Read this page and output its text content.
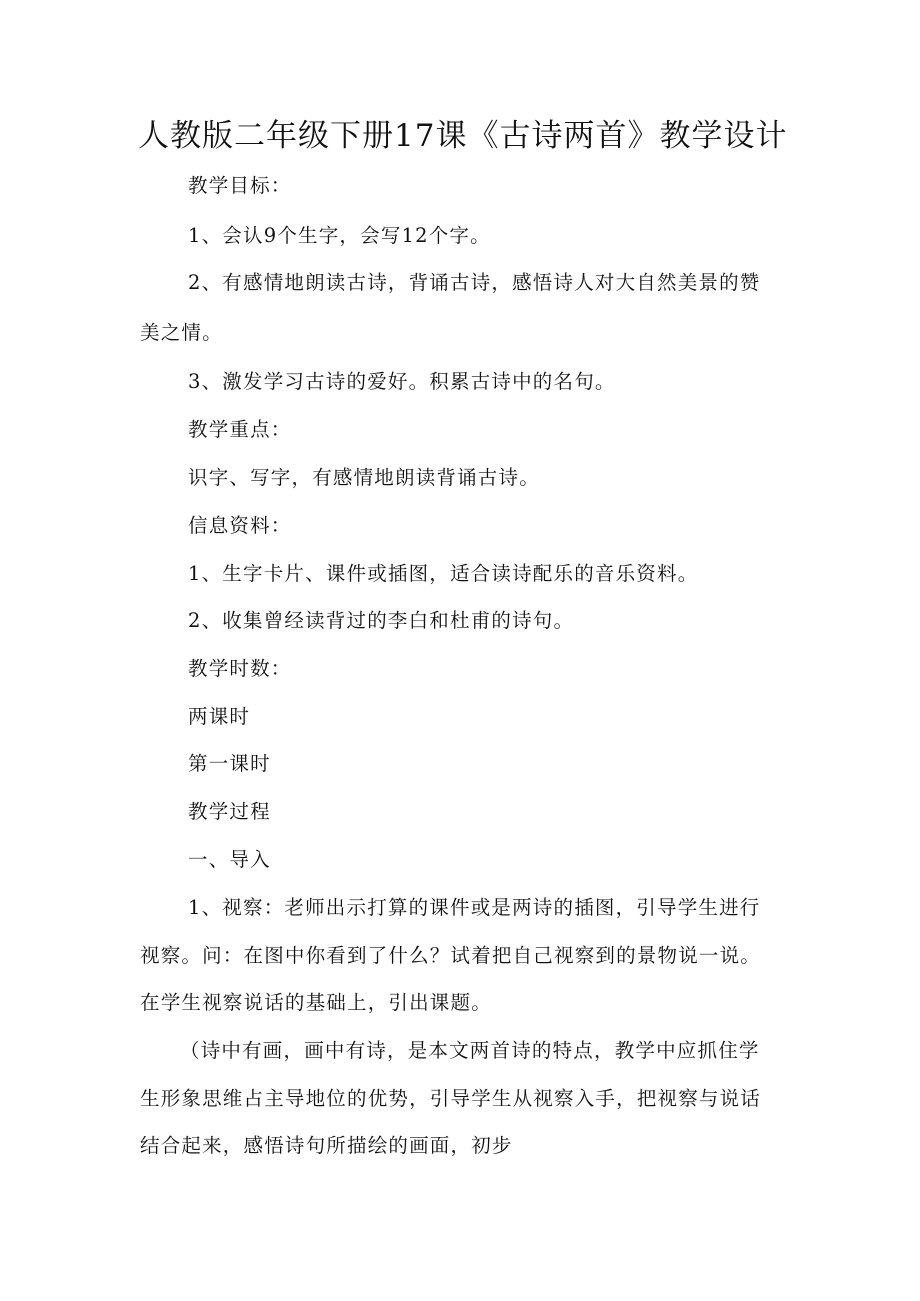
人教版二年级下册17课《古诗两首》教学设计
教学目标：
1、会认9个生字，会写12个字。
2、有感情地朗读古诗，背诵古诗，感悟诗人对大自然美景的赞
美之情。
3、激发学习古诗的爱好。积累古诗中的名句。
教学重点：
识字、写字，有感情地朗读背诵古诗。
信息资料：
1、生字卡片、课件或插图，适合读诗配乐的音乐资料。
2、收集曾经读背过的李白和杜甫的诗句。
教学时数：
两课时
第一课时
教学过程
一、导入
1、视察：老师出示打算的课件或是两诗的插图，引导学生进行
视察。问：在图中你看到了什么？试着把自己视察到的景物说一说。
在学生视察说话的基础上，引出课题。
（诗中有画，画中有诗，是本文两首诗的特点，教学中应抓住学
生形象思维占主导地位的优势，引导学生从视察入手，把视察与说话
结合起来，感悟诗句所描绘的画面，初步
